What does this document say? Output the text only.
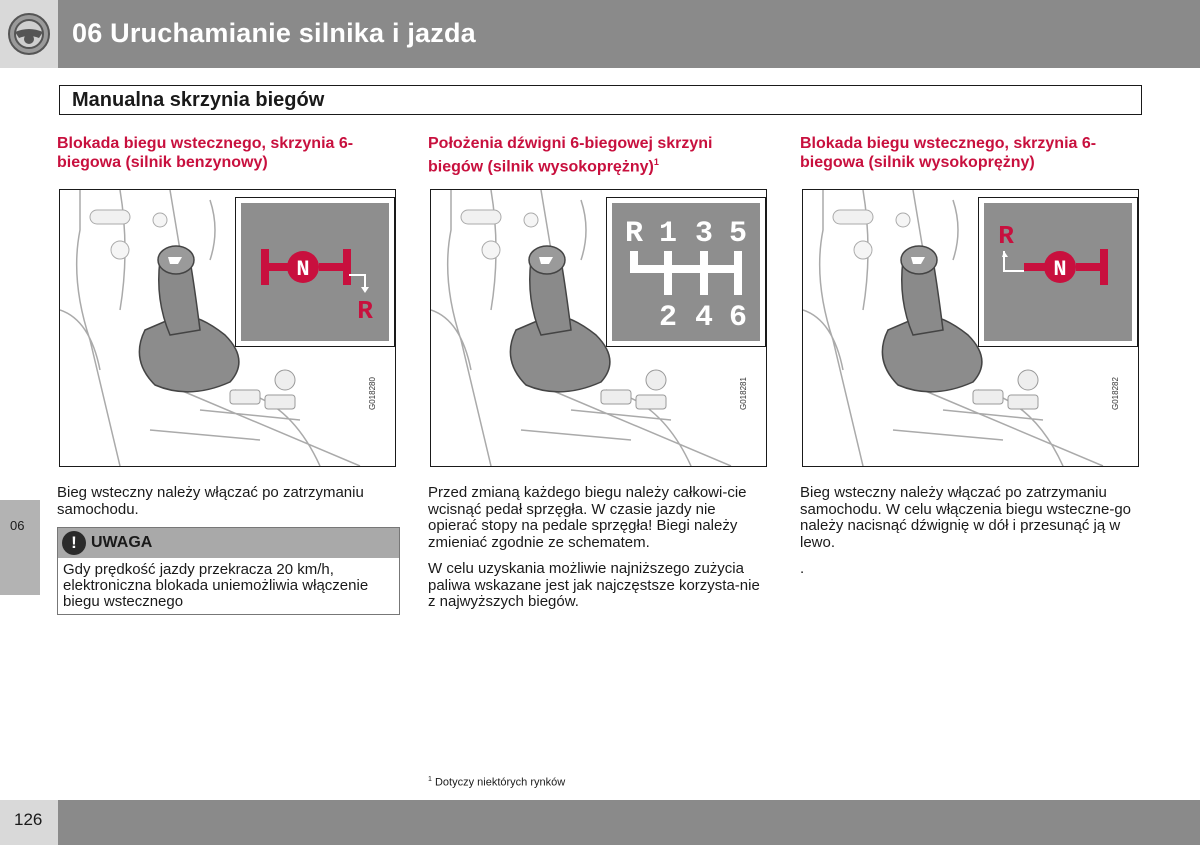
06 Uruchamianie silnika i jazda
Manualna skrzynia biegów
Blokada biegu wstecznego, skrzynia 6-biegowa (silnik benzynowy)
N
R
G018280

Bieg wsteczny należy włączać po zatrzymaniu samochodu.

Położenia dźwigni 6-biegowej skrzyni biegów (silnik wysokoprężny)$^1$
R 1 3 5
2 4 6
G018281

Przed zmianą każdego biegu należy całkowi-cie wcisnąć pedał sprzęgła. W czasie jazdy nie opierać stopy na pedale sprzęgła! Biegi należy zmieniać zgodnie ze schematem.

W celu uzyskania możliwie najniższego zużycia paliwa wskazane jest jak najczęstsze korzysta-nie z najwyższych biegów.

Blokada biegu wstecznego, skrzynia 6-biegowa (silnik wysokoprężny)
R
N
G018282

Bieg wsteczny należy włączać po zatrzymaniu samochodu. W celu włączenia biegu wsteczne-go należy nacisnąć dźwignię w dół i przesunąć ją w lewo.

.

! UWAGA
Gdy prędkość jazdy przekracza 20 km/h, elektroniczna blokada uniemożliwia włączenie biegu wstecznego
06
$^1$ Dotyczy niektórych rynków
126
